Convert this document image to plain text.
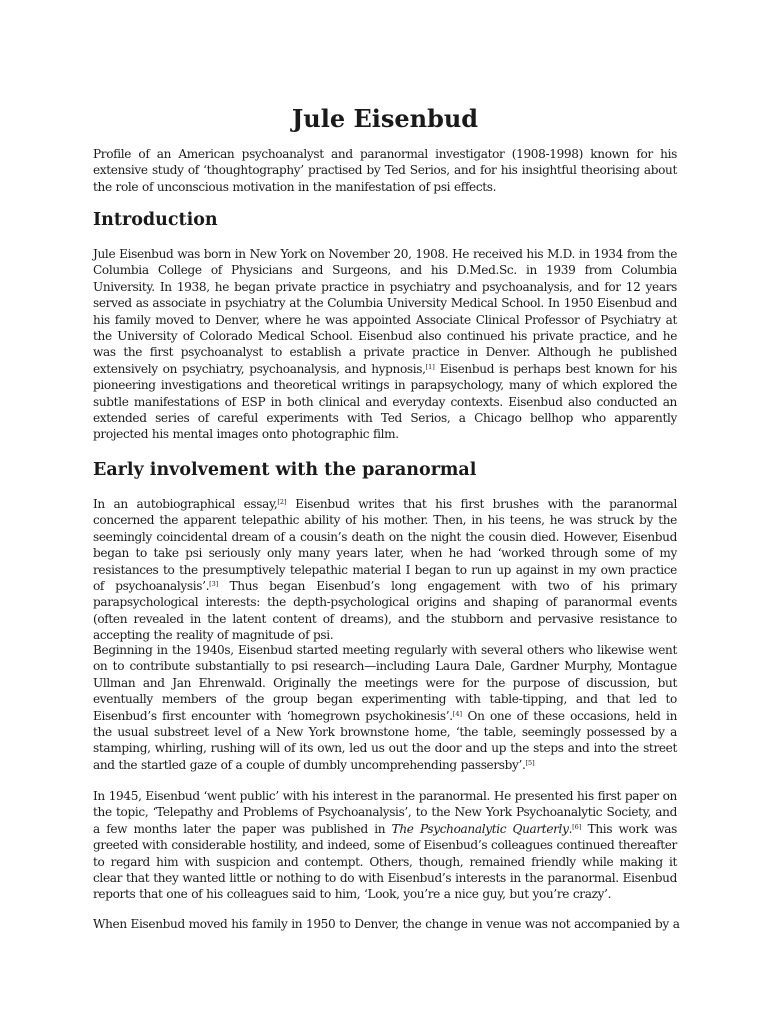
Jule Eisenbud

Profile of an American psychoanalyst and paranormal investigator (1908-1998) known for his extensive study of ‘thoughtography’ practised by Ted Serios, and for his insightful theorising about the role of unconscious motivation in the manifestation of psi effects.

Introduction

Jule Eisenbud was born in New York on November 20, 1908. He received his M.D. in 1934 from the Columbia College of Physicians and Surgeons, and his D.Med.Sc. in 1939 from Columbia University. In 1938, he began private practice in psychiatry and psychoanalysis, and for 12 years served as associate in psychiatry at the Columbia University Medical School. In 1950 Eisenbud and his family moved to Denver, where he was appointed Associate Clinical Professor of Psychiatry at the University of Colorado Medical School. Eisenbud also continued his private practice, and he was the first psychoanalyst to establish a private practice in Denver. Although he published extensively on psychiatry, psychoanalysis, and hypnosis,[1] Eisenbud is perhaps best known for his pioneering investigations and theoretical writings in parapsychology, many of which explored the subtle manifestations of ESP in both clinical and everyday contexts. Eisenbud also conducted an extended series of careful experiments with Ted Serios, a Chicago bellhop who apparently projected his mental images onto photographic film.

Early involvement with the paranormal

In an autobiographical essay,[2] Eisenbud writes that his first brushes with the paranormal concerned the apparent telepathic ability of his mother. Then, in his teens, he was struck by the seemingly coincidental dream of a cousin’s death on the night the cousin died. However, Eisenbud began to take psi seriously only many years later, when he had ‘worked through some of my resistances to the presumptively telepathic material I began to run up against in my own practice of psychoanalysis’.[3] Thus began Eisenbud’s long engagement with two of his primary parapsychological interests: the depth-psychological origins and shaping of paranormal events (often revealed in the latent content of dreams), and the stubborn and pervasive resistance to accepting the reality of magnitude of psi.

Beginning in the 1940s, Eisenbud started meeting regularly with several others who likewise went on to contribute substantially to psi research—including Laura Dale, Gardner Murphy, Montague Ullman and Jan Ehrenwald. Originally the meetings were for the purpose of discussion, but eventually members of the group began experimenting with table-tipping, and that led to Eisenbud’s first encounter with ‘homegrown psychokinesis’.[4] On one of these occasions, held in the usual substreet level of a New York brownstone home, ‘the table, seemingly possessed by a stamping, whirling, rushing will of its own, led us out the door and up the steps and into the street and the startled gaze of a couple of dumbly uncomprehending passersby’.[5]

In 1945, Eisenbud ‘went public’ with his interest in the paranormal. He presented his first paper on the topic, ‘Telepathy and Problems of Psychoanalysis’, to the New York Psychoanalytic Society, and a few months later the paper was published in The Psychoanalytic Quarterly.[6] This work was greeted with considerable hostility, and indeed, some of Eisenbud’s colleagues continued thereafter to regard him with suspicion and contempt. Others, though, remained friendly while making it clear that they wanted little or nothing to do with Eisenbud’s interests in the paranormal. Eisenbud reports that one of his colleagues said to him, ‘Look, you’re a nice guy, but you’re crazy’.

When Eisenbud moved his family in 1950 to Denver, the change in venue was not accompanied by a
